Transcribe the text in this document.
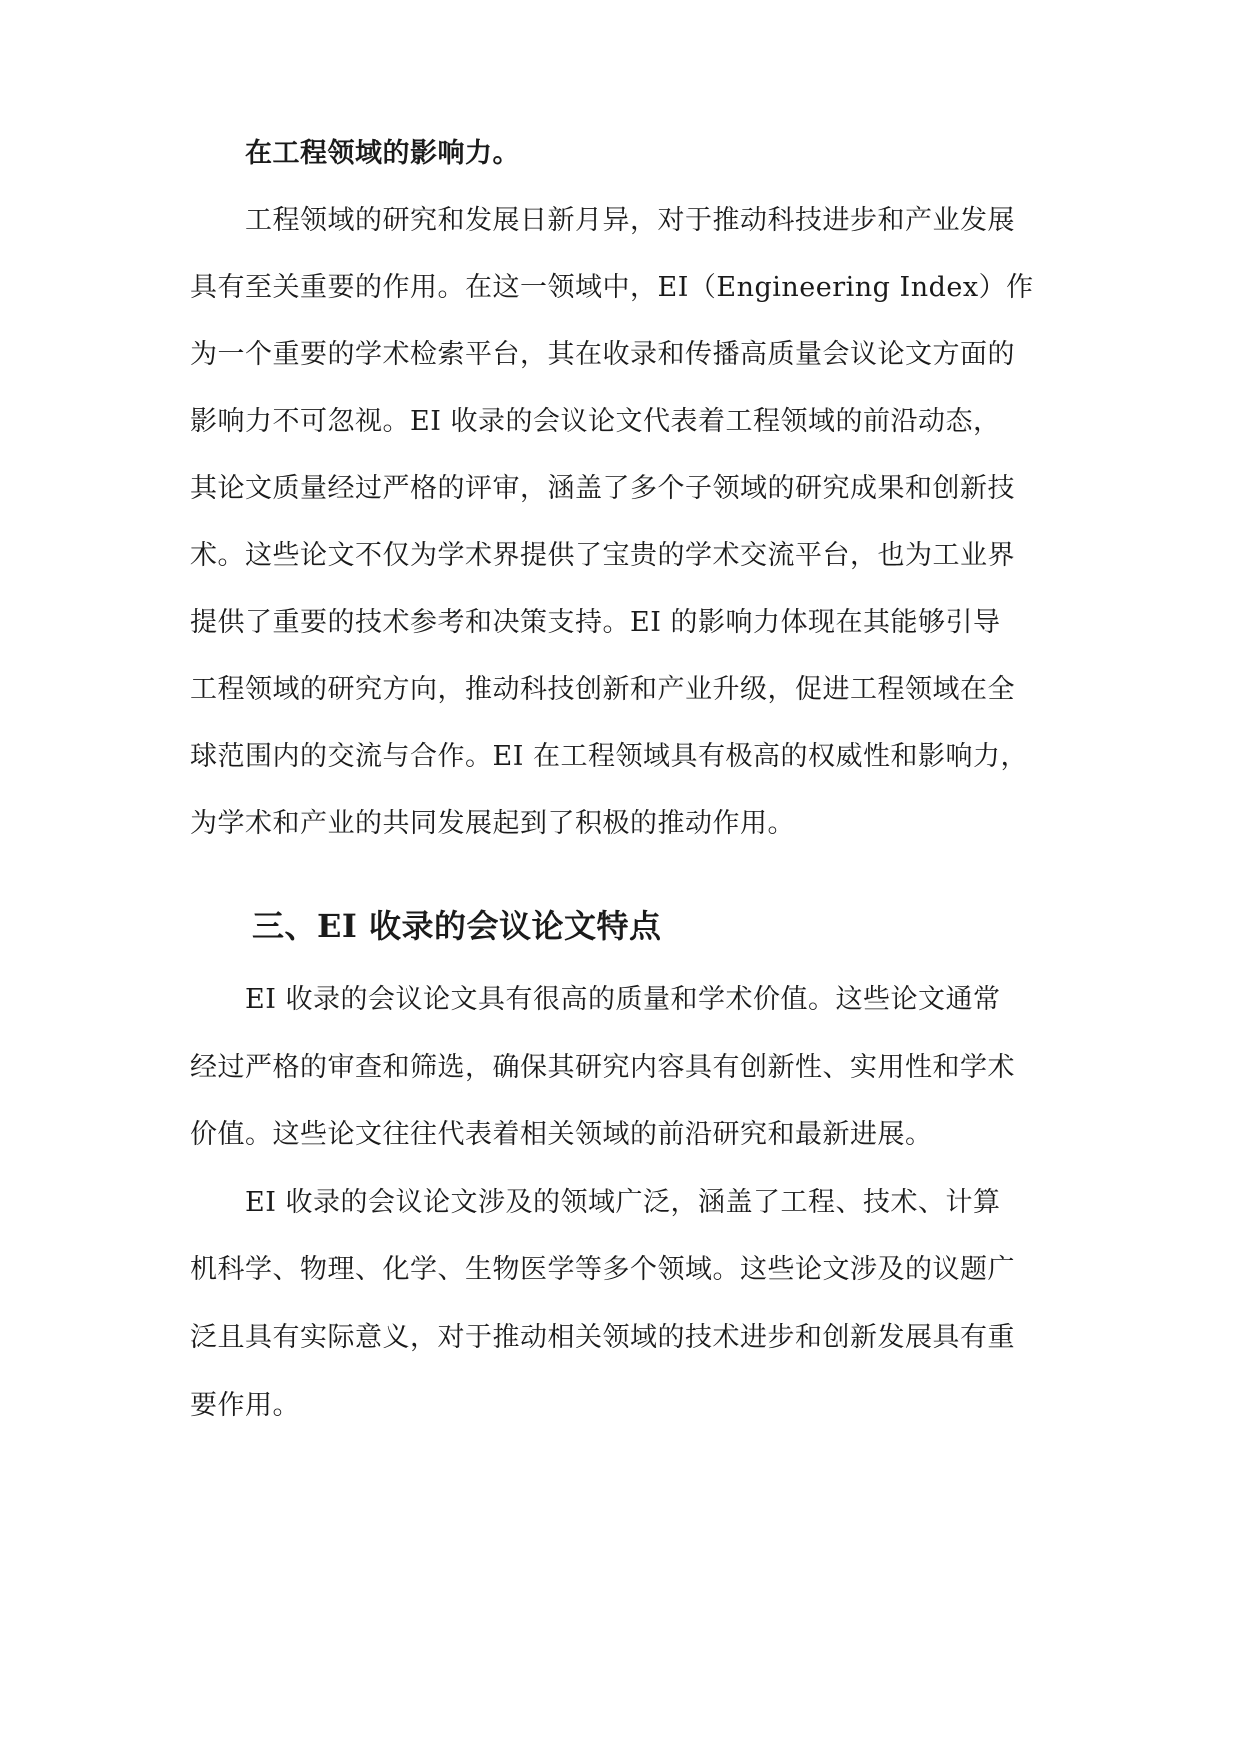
在工程领域的影响力。
工程领域的研究和发展日新月异，对于推动科技进步和产业发展
具有至关重要的作用。在这一领域中，EI（Engineering Index）作
为一个重要的学术检索平台，其在收录和传播高质量会议论文方面的
影响力不可忽视。EI 收录的会议论文代表着工程领域的前沿动态，
其论文质量经过严格的评审，涵盖了多个子领域的研究成果和创新技
术。这些论文不仅为学术界提供了宝贵的学术交流平台，也为工业界
提供了重要的技术参考和决策支持。EI 的影响力体现在其能够引导
工程领域的研究方向，推动科技创新和产业升级，促进工程领域在全
球范围内的交流与合作。EI 在工程领域具有极高的权威性和影响力，
为学术和产业的共同发展起到了积极的推动作用。
三、EI 收录的会议论文特点
EI 收录的会议论文具有很高的质量和学术价值。这些论文通常
经过严格的审查和筛选，确保其研究内容具有创新性、实用性和学术
价值。这些论文往往代表着相关领域的前沿研究和最新进展。
EI 收录的会议论文涉及的领域广泛，涵盖了工程、技术、计算
机科学、物理、化学、生物医学等多个领域。这些论文涉及的议题广
泛且具有实际意义，对于推动相关领域的技术进步和创新发展具有重
要作用。
